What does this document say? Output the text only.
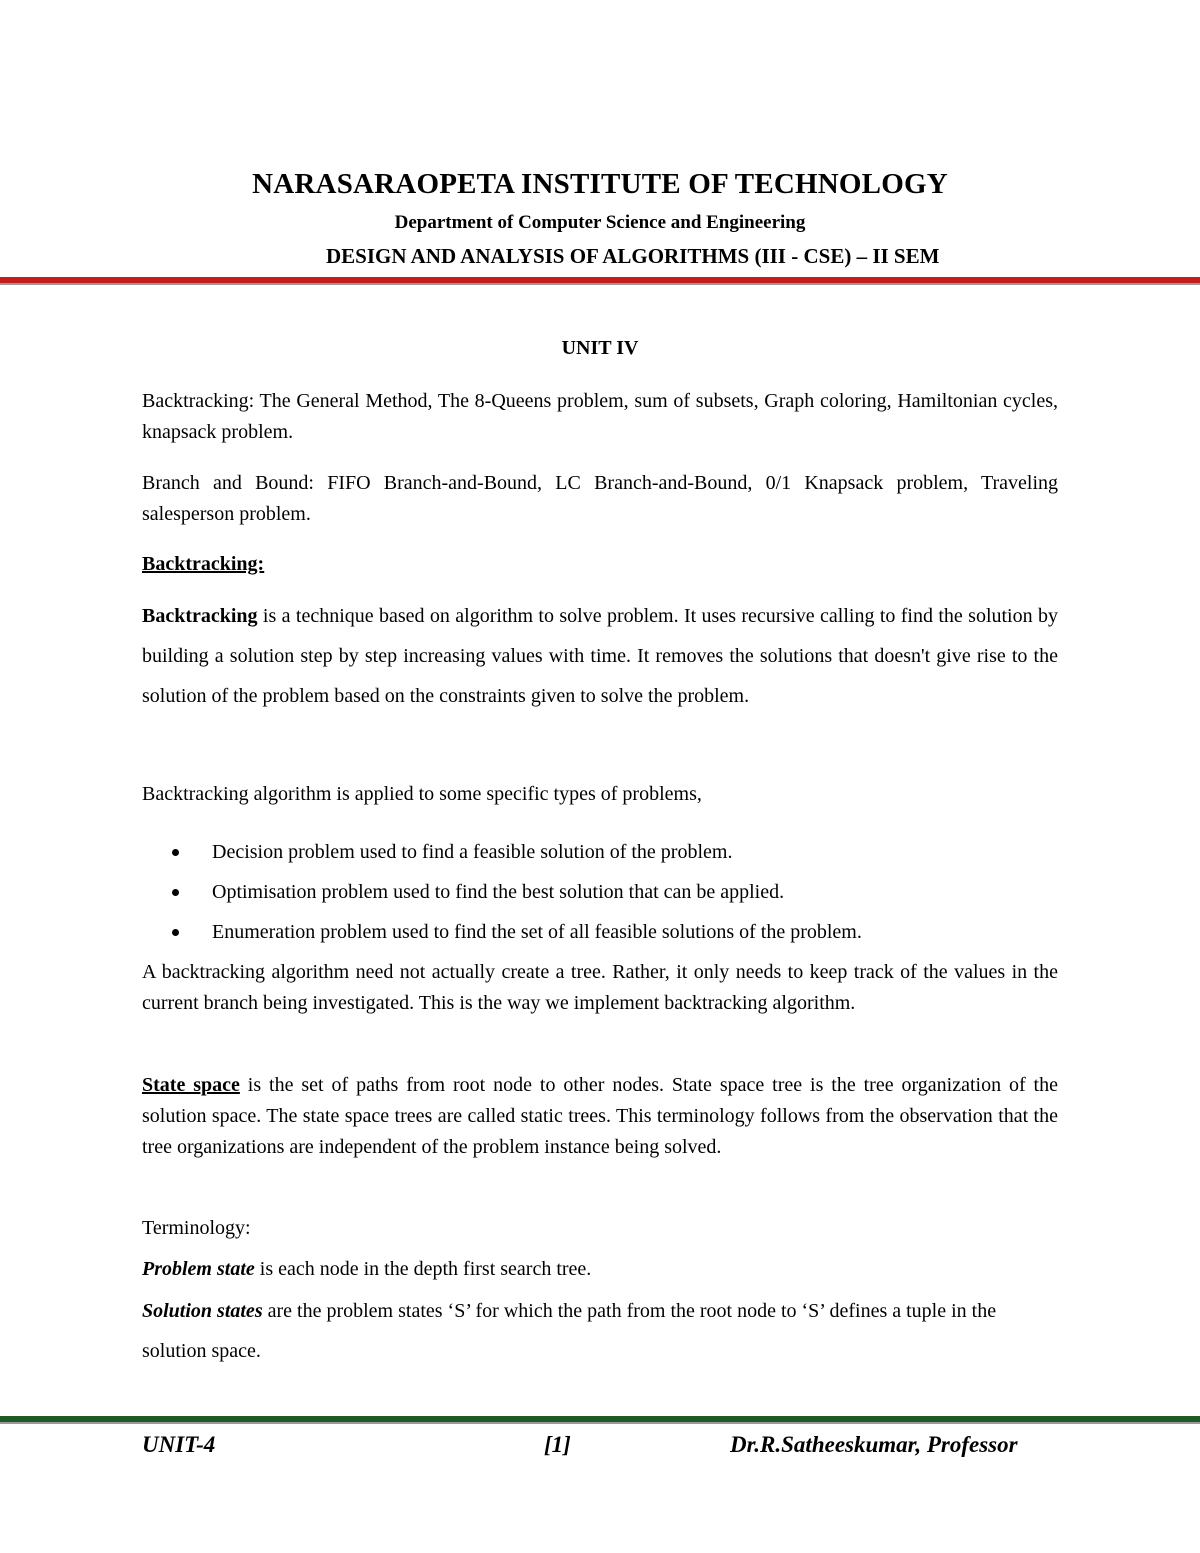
NARASARAOPETA INSTITUTE OF TECHNOLOGY
Department of Computer Science and Engineering
DESIGN AND ANALYSIS OF ALGORITHMS (III - CSE) – II SEM
UNIT IV

Backtracking: The General Method, The 8-Queens problem, sum of subsets, Graph coloring, Hamiltonian cycles, knapsack problem.

Branch and Bound: FIFO Branch-and-Bound, LC Branch-and-Bound, 0/1 Knapsack problem, Traveling salesperson problem.

Backtracking:

Backtracking is a technique based on algorithm to solve problem. It uses recursive calling to find the solution by building a solution step by step increasing values with time. It removes the solutions that doesn't give rise to the solution of the problem based on the constraints given to solve the problem.

Backtracking algorithm is applied to some specific types of problems,

Decision problem used to find a feasible solution of the problem.
Optimisation problem used to find the best solution that can be applied.
Enumeration problem used to find the set of all feasible solutions of the problem.

A backtracking algorithm need not actually create a tree. Rather, it only needs to keep track of the values in the current branch being investigated. This is the way we implement backtracking algorithm.

State space is the set of paths from root node to other nodes. State space tree is the tree organization of the solution space. The state space trees are called static trees. This terminology follows from the observation that the tree organizations are independent of the problem instance being solved.

Terminology:

Problem state is each node in the depth first search tree.

Solution states are the problem states ‘S’ for which the path from the root node to ‘S’ defines a tuple in the solution space.

UNIT-4	[1]	Dr.R.Satheeskumar, Professor
